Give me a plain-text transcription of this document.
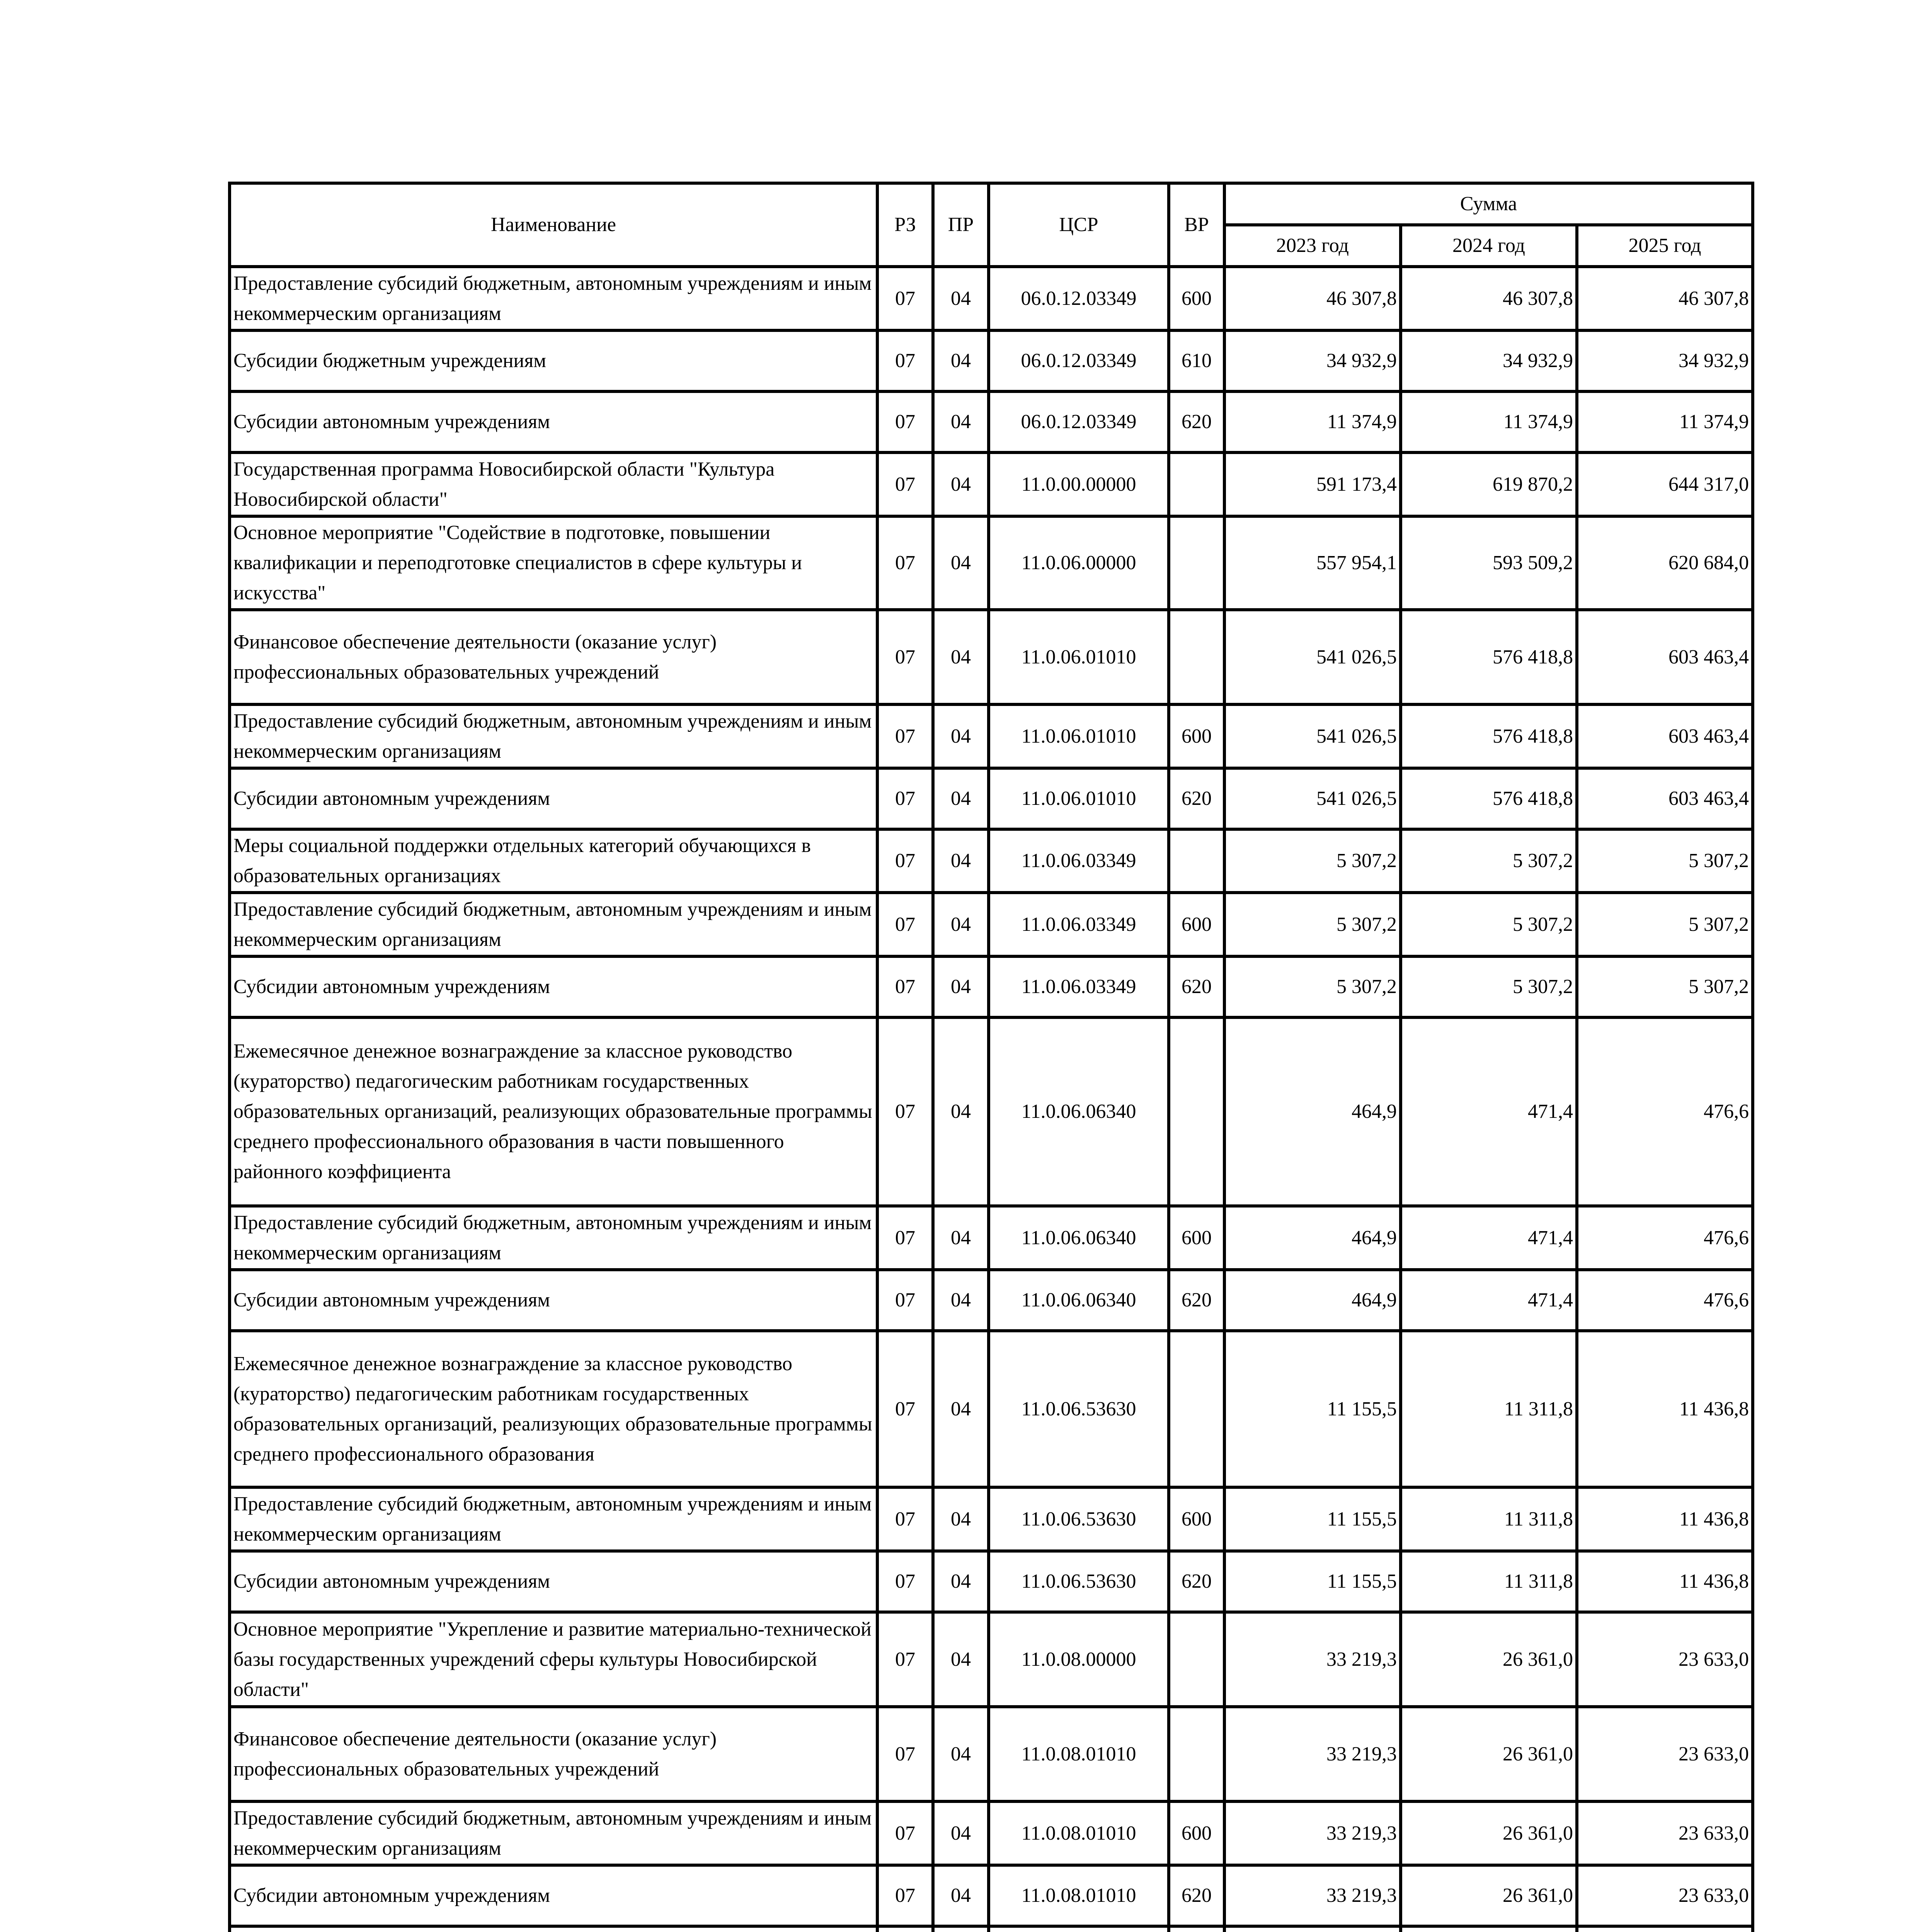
Наименование	РЗ	ПР	ЦСР	ВР	Сумма		
					2023 год	2024 год	2025 год
Предоставление субсидий бюджетным, автономным учреждениям и иным некоммерческим организациям	07	04	06.0.12.03349	600	46 307,8	46 307,8	46 307,8
Субсидии бюджетным учреждениям	07	04	06.0.12.03349	610	34 932,9	34 932,9	34 932,9
Субсидии автономным учреждениям	07	04	06.0.12.03349	620	11 374,9	11 374,9	11 374,9
Государственная программа Новосибирской области "Культура Новосибирской области"	07	04	11.0.00.00000		591 173,4	619 870,2	644 317,0
Основное мероприятие "Содействие в подготовке, повышении квалификации и переподготовке специалистов в сфере культуры и искусства"	07	04	11.0.06.00000		557 954,1	593 509,2	620 684,0
Финансовое обеспечение деятельности (оказание услуг) профессиональных образовательных учреждений	07	04	11.0.06.01010		541 026,5	576 418,8	603 463,4
Предоставление субсидий бюджетным, автономным учреждениям и иным некоммерческим организациям	07	04	11.0.06.01010	600	541 026,5	576 418,8	603 463,4
Субсидии автономным учреждениям	07	04	11.0.06.01010	620	541 026,5	576 418,8	603 463,4
Меры социальной поддержки отдельных категорий обучающихся в образовательных организациях	07	04	11.0.06.03349		5 307,2	5 307,2	5 307,2
Предоставление субсидий бюджетным, автономным учреждениям и иным некоммерческим организациям	07	04	11.0.06.03349	600	5 307,2	5 307,2	5 307,2
Субсидии автономным учреждениям	07	04	11.0.06.03349	620	5 307,2	5 307,2	5 307,2
Ежемесячное денежное вознаграждение за классное руководство (кураторство) педагогическим работникам государственных образовательных организаций, реализующих образовательные программы среднего профессионального образования в части повышенного районного коэффициента	07	04	11.0.06.06340		464,9	471,4	476,6
Предоставление субсидий бюджетным, автономным учреждениям и иным некоммерческим организациям	07	04	11.0.06.06340	600	464,9	471,4	476,6
Субсидии автономным учреждениям	07	04	11.0.06.06340	620	464,9	471,4	476,6
Ежемесячное денежное вознаграждение за классное руководство (кураторство) педагогическим работникам государственных образовательных организаций, реализующих образовательные программы среднего профессионального образования	07	04	11.0.06.53630		11 155,5	11 311,8	11 436,8
Предоставление субсидий бюджетным, автономным учреждениям и иным некоммерческим организациям	07	04	11.0.06.53630	600	11 155,5	11 311,8	11 436,8
Субсидии автономным учреждениям	07	04	11.0.06.53630	620	11 155,5	11 311,8	11 436,8
Основное мероприятие "Укрепление и развитие материально-технической базы государственных учреждений сферы культуры Новосибирской области"	07	04	11.0.08.00000		33 219,3	26 361,0	23 633,0
Финансовое обеспечение деятельности (оказание услуг) профессиональных образовательных учреждений	07	04	11.0.08.01010		33 219,3	26 361,0	23 633,0
Предоставление субсидий бюджетным, автономным учреждениям и иным некоммерческим организациям	07	04	11.0.08.01010	600	33 219,3	26 361,0	23 633,0
Субсидии автономным учреждениям	07	04	11.0.08.01010	620	33 219,3	26 361,0	23 633,0
